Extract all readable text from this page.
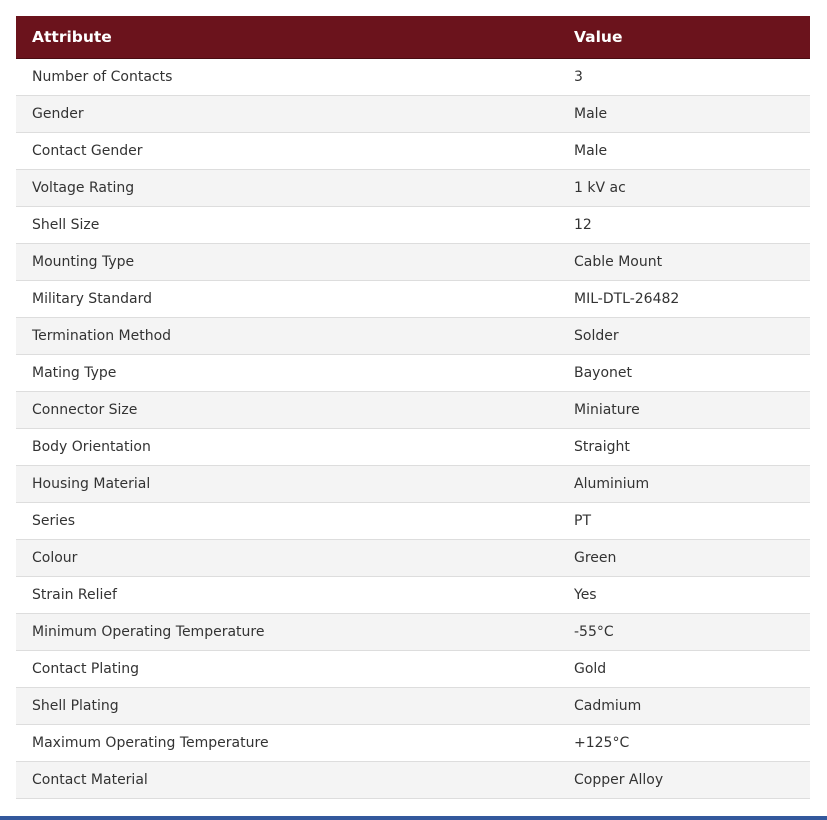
Attribute	Value
Number of Contacts	3
Gender	Male
Contact Gender	Male
Voltage Rating	1 kV ac
Shell Size	12
Mounting Type	Cable Mount
Military Standard	MIL-DTL-26482
Termination Method	Solder
Mating Type	Bayonet
Connector Size	Miniature
Body Orientation	Straight
Housing Material	Aluminium
Series	PT
Colour	Green
Strain Relief	Yes
Minimum Operating Temperature	-55°C
Contact Plating	Gold
Shell Plating	Cadmium
Maximum Operating Temperature	+125°C
Contact Material	Copper Alloy
